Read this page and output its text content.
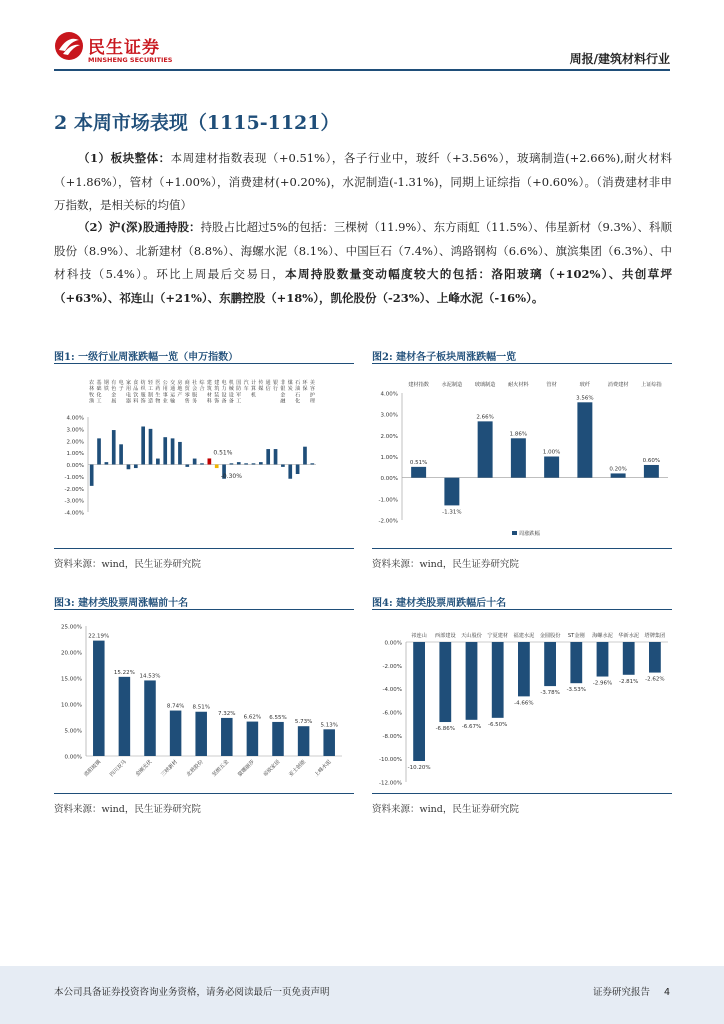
民生证券
MINSHENG SECURITIES	周报/建筑材料行业
2 本周市场表现（1115-1121）
（1）板块整体：本周建材指数表现（+0.51%），各子行业中，玻纤（+3.56%），玻璃制造(+2.66%),耐火材料（+1.86%），管材（+1.00%），消费建材(+0.20%)，水泥制造(-1.31%)，同期上证综指（+0.60%）。（消费建材非申万指数，是相关标的均值）
（2）沪(深)股通持股：持股占比超过5%的包括：三棵树（11.9%）、东方雨虹（11.5%）、伟星新材（9.3%）、科顺股份（8.9%）、北新建材（8.8%）、海螺水泥（8.1%）、中国巨石（7.4%）、鸿路钢构（6.6%）、旗滨集团（6.3%）、中材科技（5.4%）。环比上周最后交易日，本周持股数量变动幅度较大的包括：洛阳玻璃（+102%）、共创草坪（+63%）、祁连山（+21%）、东鹏控股（+18%），凯伦股份（-23%）、上峰水泥（-16%）。
图1: 一级行业周涨跌幅一览（申万指数）
-4.00%
-3.00%
-2.00%
-1.00%
0.00%
1.00%
2.00%
3.00%
4.00%
农
林
牧
渔
基
础
化
工
钢
铁
有
色
金
属
电
子
家
用
电
器
食
品
饮
料
纺
织
服
饰
轻
工
制
造
医
药
生
物
公
用
事
业
交
通
运
输
房
地
产
商
贸
零
售
社
会
服
务
综
合
建
筑
材
料
建
筑
装
饰
电
力
设
备
机
械
设
备
国
防
军
工
汽
车
计
算
机
传
媒
通
信
银
行
非
银
金
融
煤
炭
石
油
石
化
环
保
美
容
护
理
0.51%
-0.30%
资料来源：wind，民生证券研究院
图2: 建材各子板块周涨跌幅一览
-2.00%
-1.00%
0.00%
1.00%
2.00%
3.00%
4.00%
建材指数
0.51%
水泥制造
-1.31%
玻璃制造
2.66%
耐火材料
1.86%
管材
1.00%
玻纤
3.56%
消费建材
0.20%
上证综指
0.60%
周涨跌幅
资料来源：wind，民生证券研究院
图3: 建材类股票周涨幅前十名
0.00%
5.00%
10.00%
15.00%
20.00%
25.00%
洛阳玻璃
22.19%
四川双马
15.22%
金刚光伏
14.53%
三峡新材
8.74%
北玻股份
8.51%
坚朗五金
7.32%
蒙娜丽莎
6.62%
帝欧家居
6.55%
亚士创能
5.73%
上峰水泥
5.13%
资料来源：wind，民生证券研究院
图4: 建材类股票周跌幅后十名
-12.00%
-10.00%
-8.00%
-6.00%
-4.00%
-2.00%
0.00%
祁连山
-10.20%
西部建设
-6.86%
天山股份
-6.67%
宁夏建材
-6.50%
福建水泥
-4.66%
金圆股份
-3.78%
ST金刚
-3.53%
海螺水泥
-2.96%
华新水泥
-2.81%
塔牌集团
-2.62%
资料来源：wind，民生证券研究院
本公司具备证券投资咨询业务资格，请务必阅读最后一页免责声明	证券研究报告 4
